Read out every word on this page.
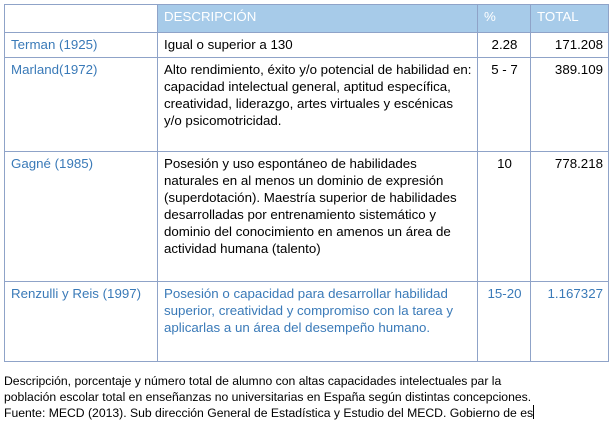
	DESCRIPCIÓN	%	TOTAL
Terman (1925)	Igual o superior a 130	2.28	171.208
Marland(1972)	Alto rendimiento, éxito y/o potencial de habilidad en: capacidad intelectual general, aptitud específica, creatividad, liderazgo, artes virtuales y escénicas y/o psicomotricidad.	5 - 7	389.109
Gagné (1985)	Posesión y uso espontáneo de habilidades naturales en al menos un dominio de expresión (superdotación). Maestría superior de habilidades desarrolladas por entrenamiento sistemático y dominio del conocimiento en amenos un área de actividad humana (talento)	10	778.218
Renzulli y Reis (1997)	Posesión o capacidad para desarrollar habilidad superior, creatividad y compromiso con la tarea y aplicarlas a un área del desempeño humano.	15-20	1.167327
Descripción, porcentaje y número total de alumno con altas capacidades intelectuales par la
población escolar total en enseñanzas no universitarias en España según distintas concepciones.
Fuente: MECD (2013). Sub dirección General de Estadística y Estudio del MECD. Gobierno de es
